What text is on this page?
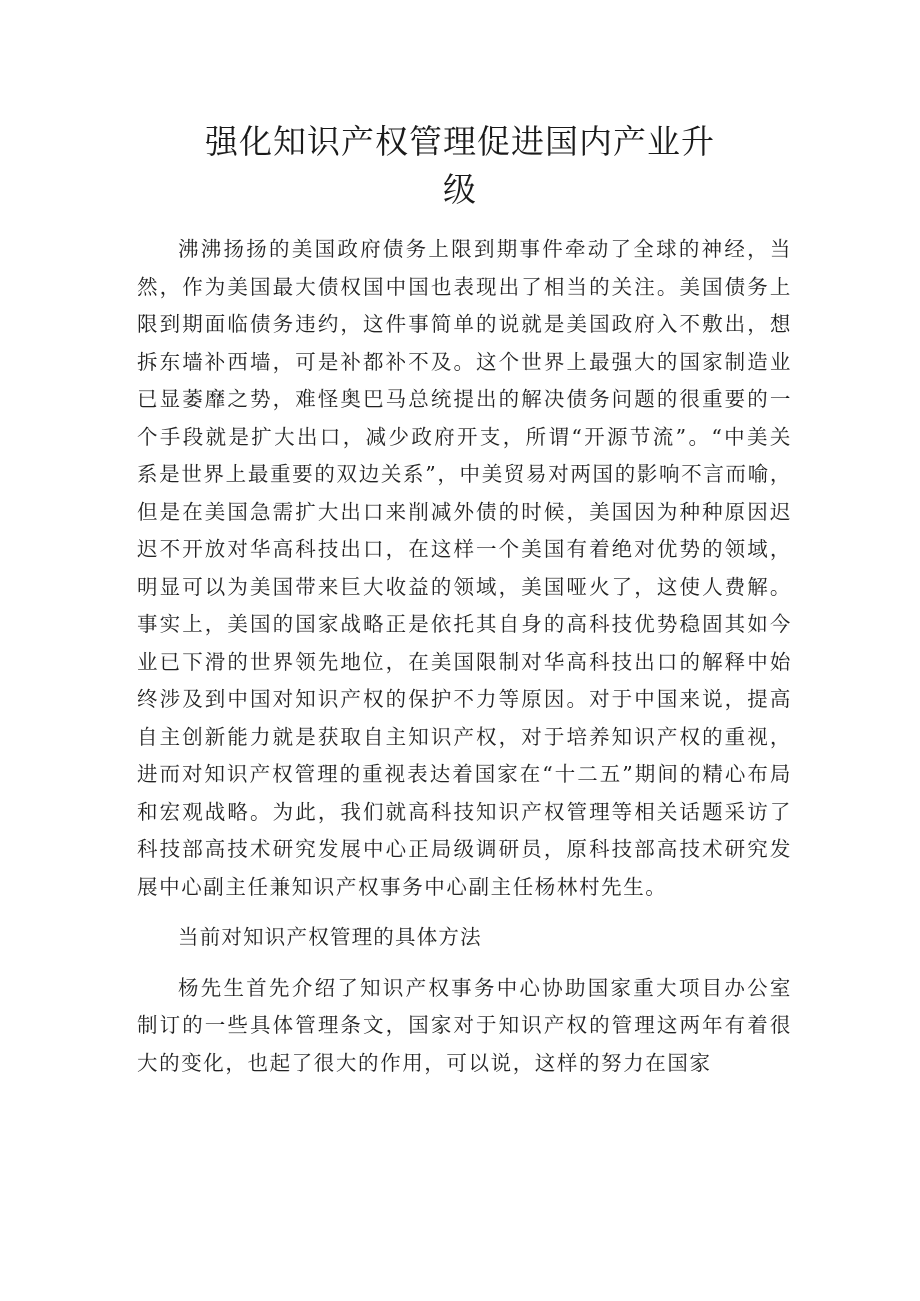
强化知识产权管理促进国内产业升级

沸沸扬扬的美国政府债务上限到期事件牵动了全球的神经，当然，作为美国最大债权国中国也表现出了相当的关注。美国债务上限到期面临债务违约，这件事简单的说就是美国政府入不敷出，想拆东墙补西墙，可是补都补不及。这个世界上最强大的国家制造业已显萎靡之势，难怪奥巴马总统提出的解决债务问题的很重要的一个手段就是扩大出口，减少政府开支，所谓“开源节流”。“中美关系是世界上最重要的双边关系”，中美贸易对两国的影响不言而喻，但是在美国急需扩大出口来削减外债的时候，美国因为种种原因迟迟不开放对华高科技出口，在这样一个美国有着绝对优势的领域，明显可以为美国带来巨大收益的领域，美国哑火了，这使人费解。事实上，美国的国家战略正是依托其自身的高科技优势稳固其如今业已下滑的世界领先地位，在美国限制对华高科技出口的解释中始终涉及到中国对知识产权的保护不力等原因。对于中国来说，提高自主创新能力就是获取自主知识产权，对于培养知识产权的重视，进而对知识产权管理的重视表达着国家在“十二五”期间的精心布局和宏观战略。为此，我们就高科技知识产权管理等相关话题采访了科技部高技术研究发展中心正局级调研员，原科技部高技术研究发展中心副主任兼知识产权事务中心副主任杨林村先生。

当前对知识产权管理的具体方法

杨先生首先介绍了知识产权事务中心协助国家重大项目办公室制订的一些具体管理条文，国家对于知识产权的管理这两年有着很大的变化，也起了很大的作用，可以说，这样的努力在国家
